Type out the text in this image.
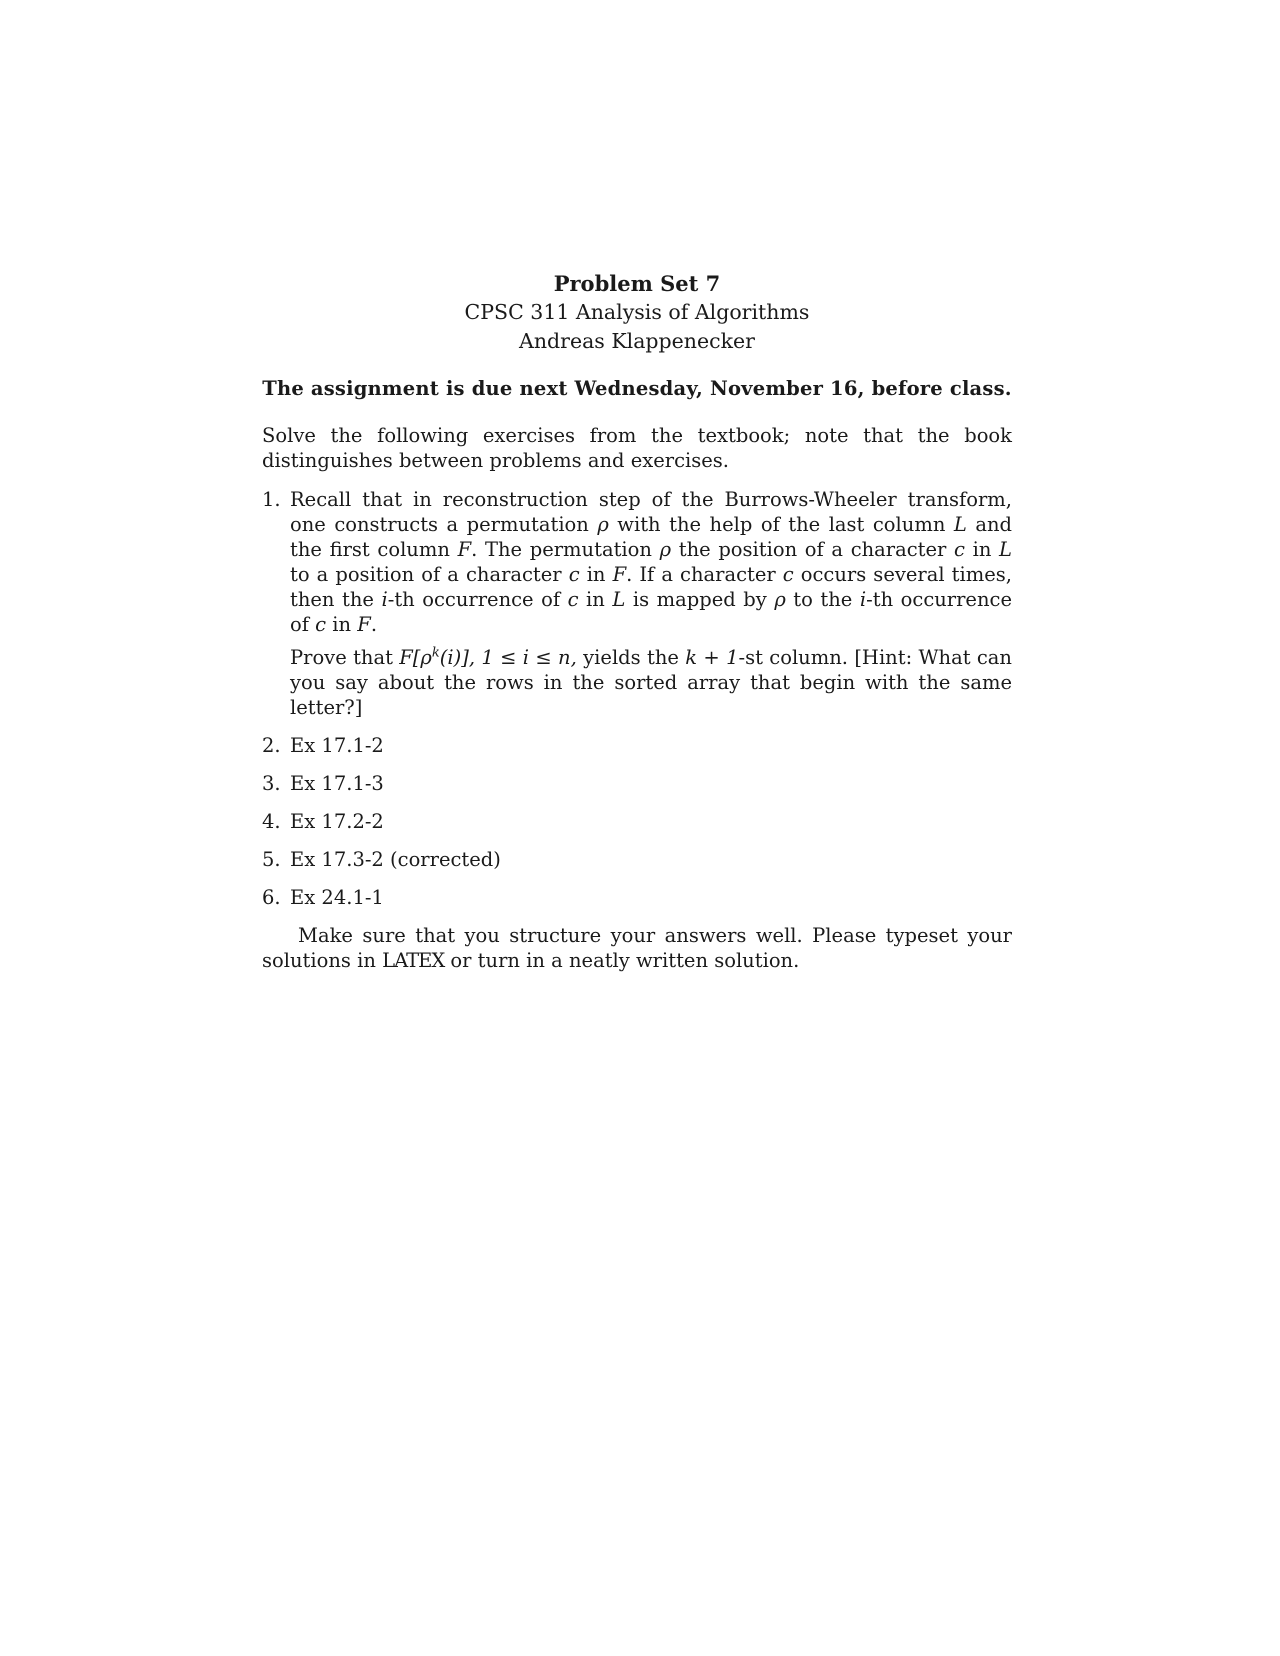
Problem Set 7
CPSC 311 Analysis of Algorithms
Andreas Klappenecker
The assignment is due next Wednesday, November 16, before class.
Solve the following exercises from the textbook; note that the book distinguishes between problems and exercises.
1. Recall that in reconstruction step of the Burrows-Wheeler transform, one constructs a permutation ρ with the help of the last column L and the first column F. The permutation ρ the position of a character c in L to a position of a character c in F. If a character c occurs several times, then the i-th occurrence of c in L is mapped by ρ to the i-th occurrence of c in F.
Prove that $F[\rho^k(i)]$, 1 ≤ i ≤ n, yields the k + 1-st column. [Hint: What can you say about the rows in the sorted array that begin with the same letter?]
2. Ex 17.1-2
3. Ex 17.1-3
4. Ex 17.2-2
5. Ex 17.3-2 (corrected)
6. Ex 24.1-1
Make sure that you structure your answers well. Please typeset your solutions in LATEX or turn in a neatly written solution.
